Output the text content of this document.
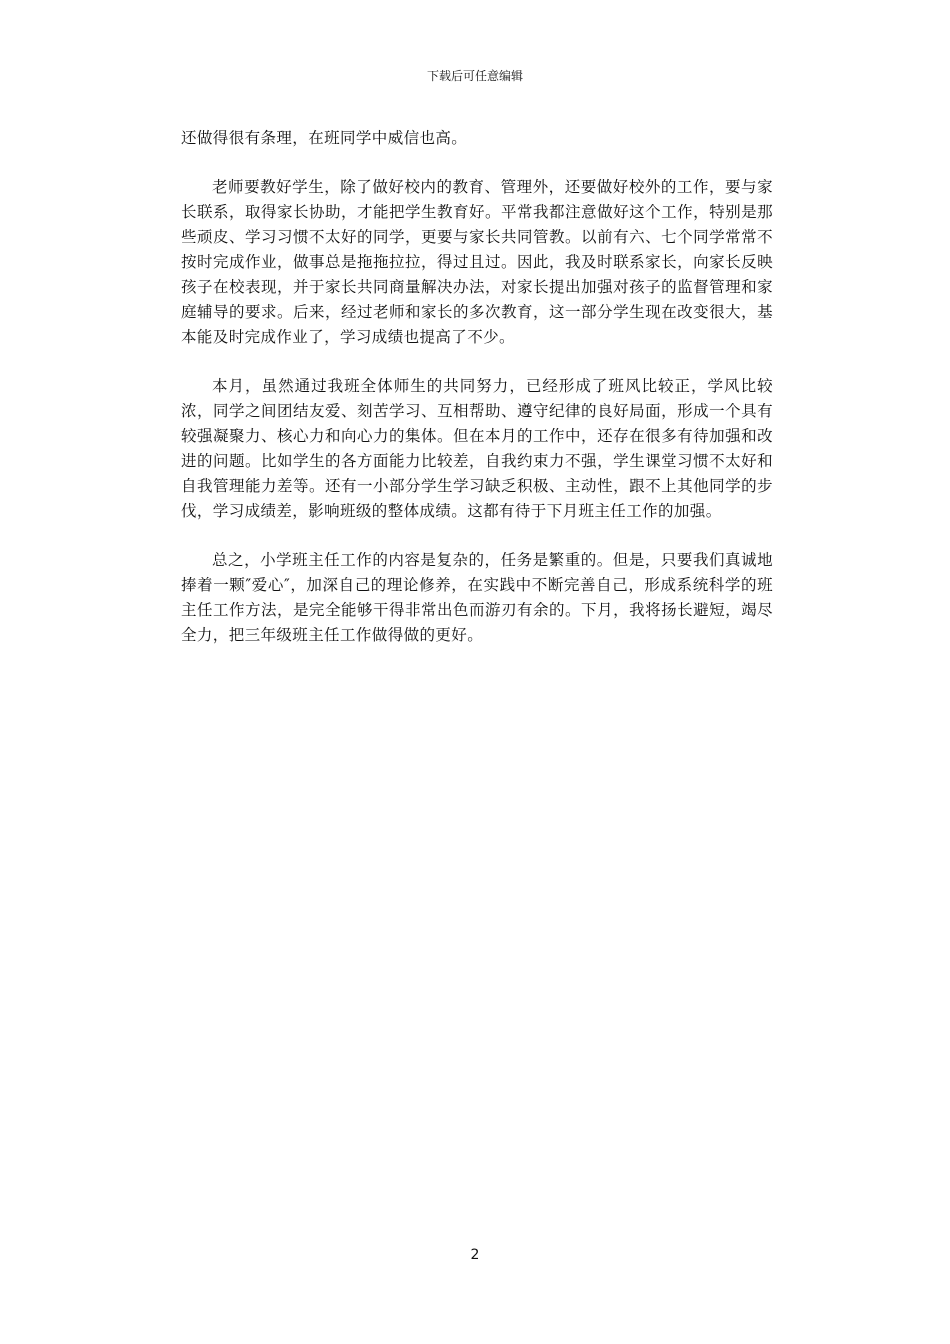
下载后可任意编辑

还做得很有条理，在班同学中威信也高。

老师要教好学生，除了做好校内的教育、管理外，还要做好校外的工作，要与家长联系，取得家长协助，才能把学生教育好。平常我都注意做好这个工作，特别是那些顽皮、学习习惯不太好的同学，更要与家长共同管教。以前有六、七个同学常常不按时完成作业，做事总是拖拖拉拉，得过且过。因此，我及时联系家长，向家长反映孩子在校表现，并于家长共同商量解决办法，对家长提出加强对孩子的监督管理和家庭辅导的要求。后来，经过老师和家长的多次教育，这一部分学生现在改变很大，基本能及时完成作业了，学习成绩也提高了不少。

本月，虽然通过我班全体师生的共同努力，已经形成了班风比较正，学风比较浓，同学之间团结友爱、刻苦学习、互相帮助、遵守纪律的良好局面，形成一个具有较强凝聚力、核心力和向心力的集体。但在本月的工作中，还存在很多有待加强和改进的问题。比如学生的各方面能力比较差，自我约束力不强，学生课堂习惯不太好和自我管理能力差等。还有一小部分学生学习缺乏积极、主动性，跟不上其他同学的步伐，学习成绩差，影响班级的整体成绩。这都有待于下月班主任工作的加强。

总之，小学班主任工作的内容是复杂的，任务是繁重的。但是，只要我们真诚地捧着一颗″爱心″，加深自己的理论修养，在实践中不断完善自己，形成系统科学的班主任工作方法，是完全能够干得非常出色而游刃有余的。下月，我将扬长避短，竭尽全力，把三年级班主任工作做得做的更好。

2
